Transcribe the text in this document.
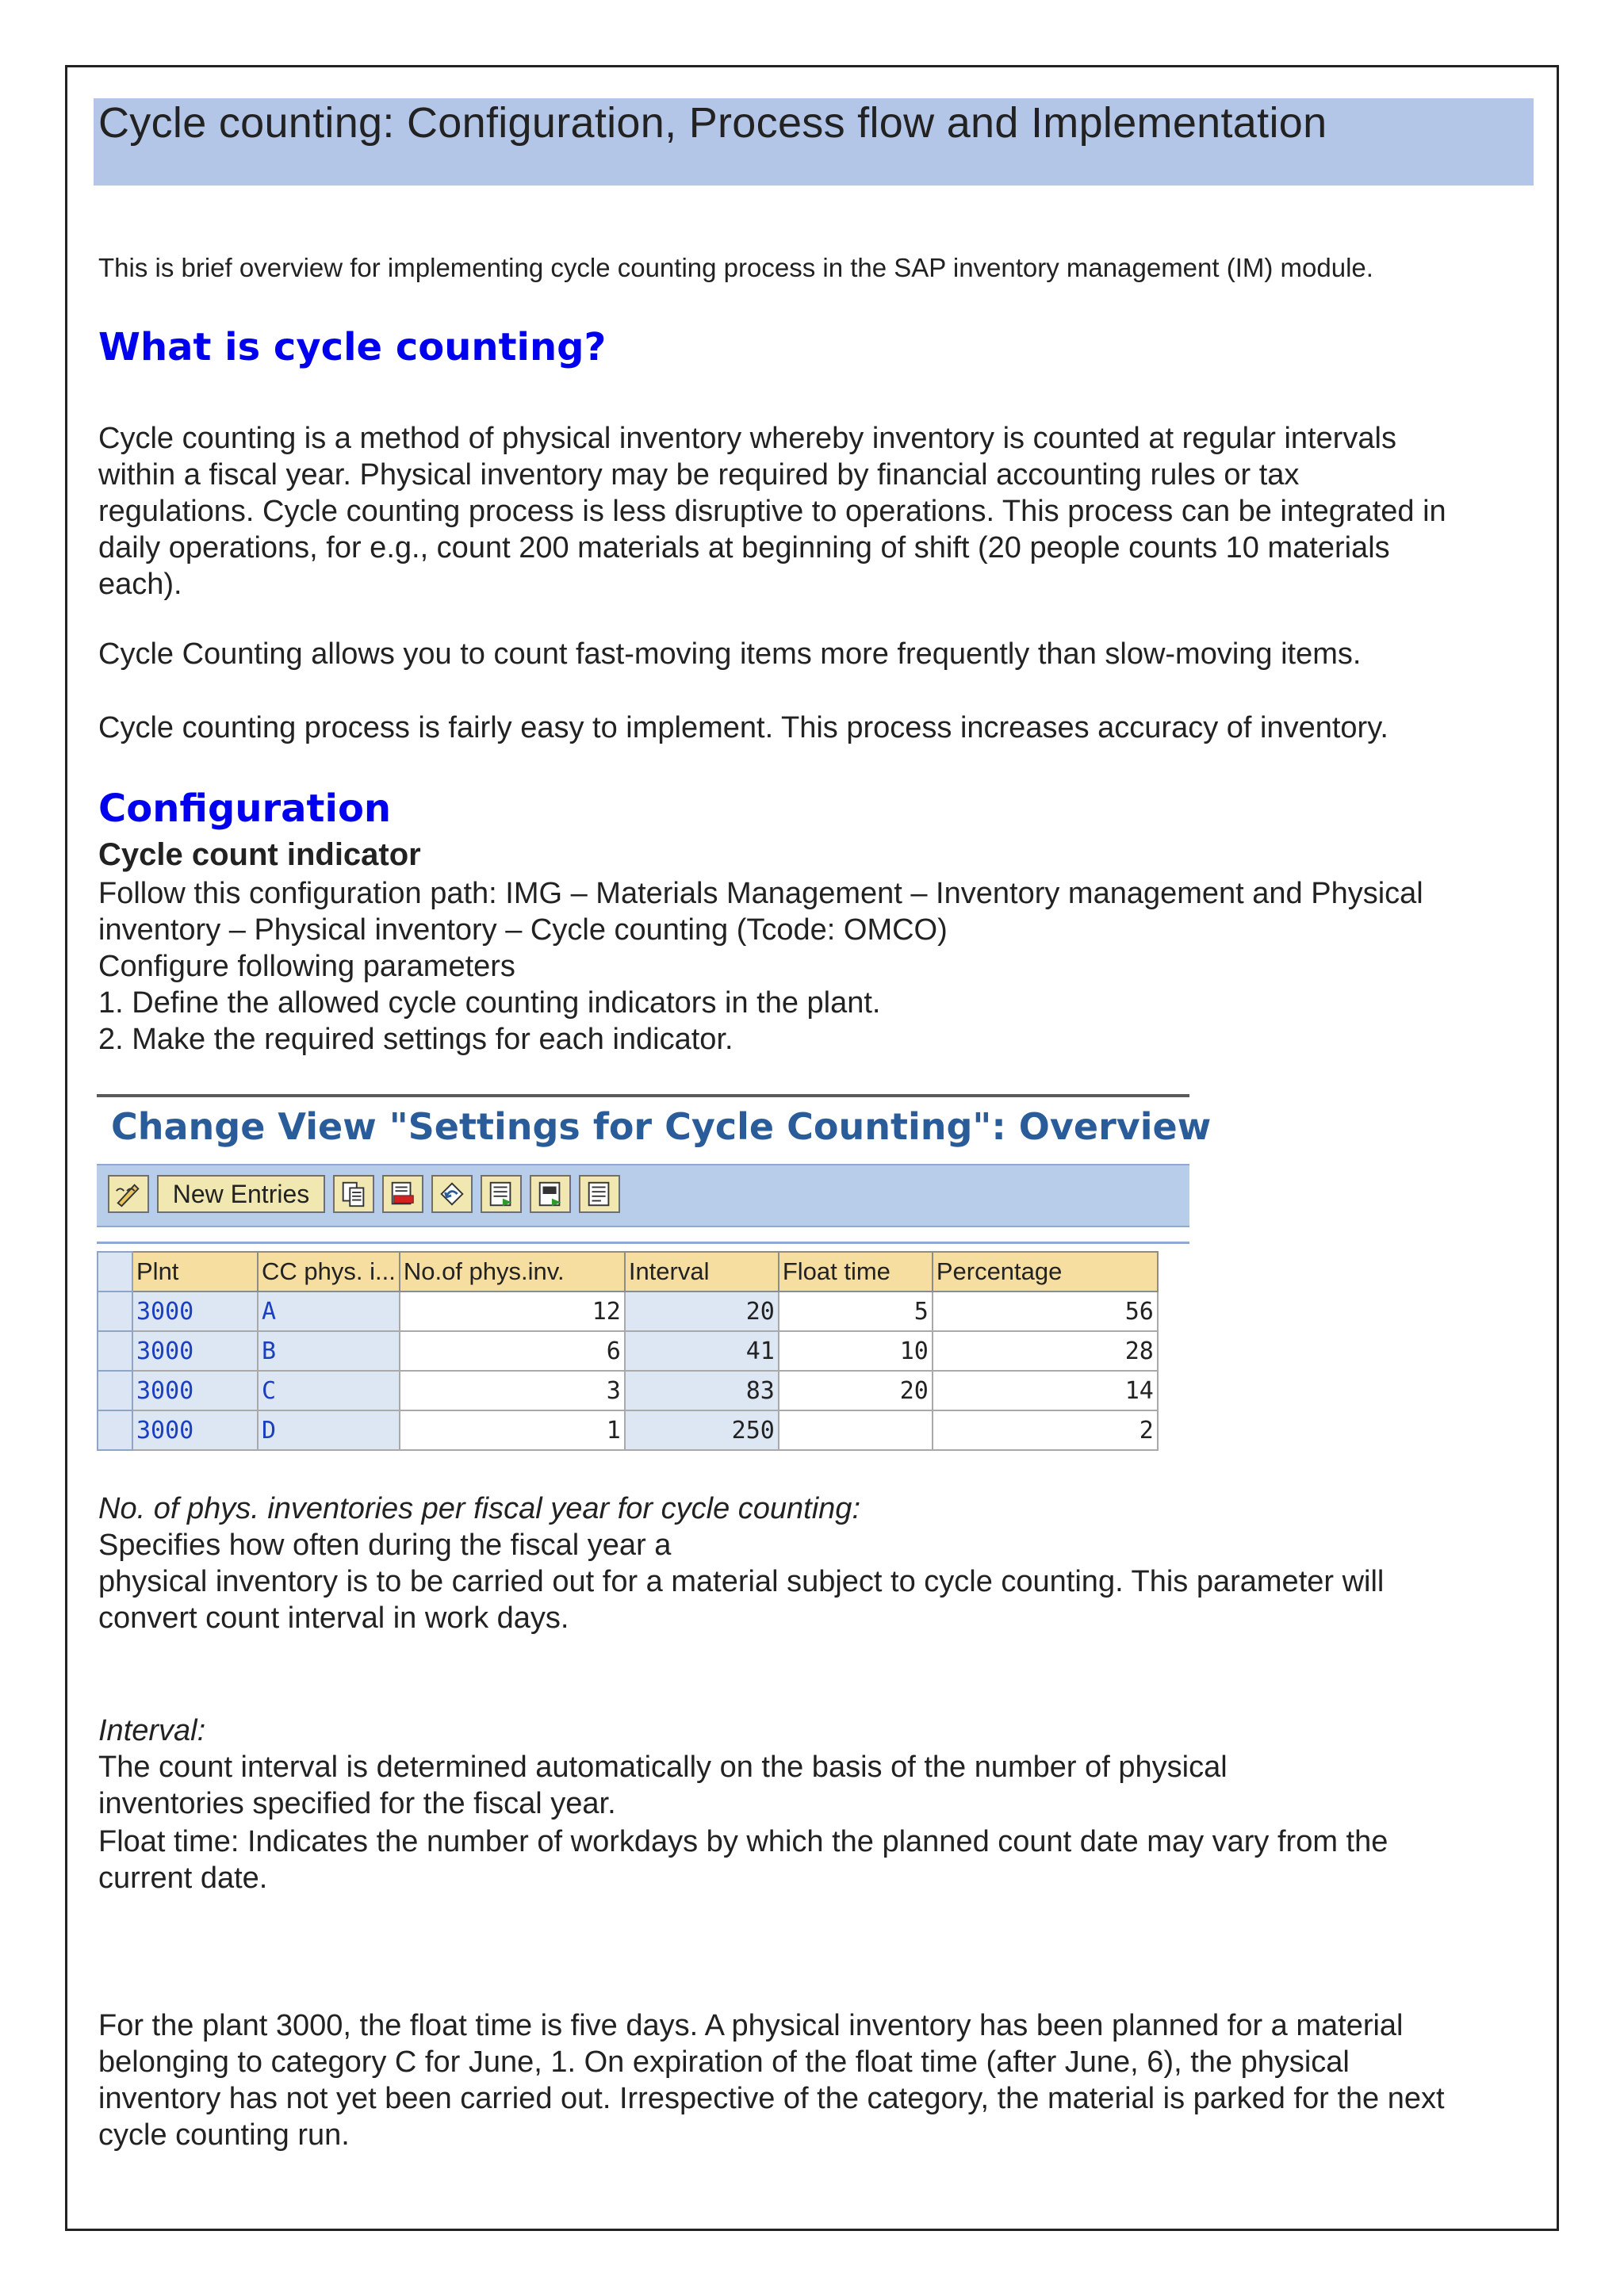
Cycle counting: Configuration, Process flow and Implementation

This is brief overview for implementing cycle counting process in the SAP inventory management (IM) module.

What is cycle counting?
Cycle counting is a method of physical inventory whereby inventory is counted at regular intervals
within a fiscal year. Physical inventory may be required by financial accounting rules or tax
regulations. Cycle counting process is less disruptive to operations. This process can be integrated in
daily operations, for e.g., count 200 materials at beginning of shift (20 people counts 10 materials
each).

Cycle Counting allows you to count fast-moving items more frequently than slow-moving items.

Cycle counting process is fairly easy to implement. This process increases accuracy of inventory.

Configuration
Cycle count indicator
Follow this configuration path: IMG – Materials Management – Inventory management and Physical
inventory – Physical inventory – Cycle counting (Tcode: OMCO)
Configure following parameters
1. Define the allowed cycle counting indicators in the plant.
2. Make the required settings for each indicator.
Change View "Settings for Cycle Counting": Overview
New Entries
	Plnt	CC phys. i...	No.of phys.inv.	Interval	Float time	Percentage
	3000	A	12	20	5	56
	3000	B	6	41	10	28
	3000	C	3	83	20	14
	3000	D	1	250		2
No. of phys. inventories per fiscal year for cycle counting:
Specifies how often during the fiscal year a
physical inventory is to be carried out for a material subject to cycle counting. This parameter will
convert count interval in work days.
Interval:
The count interval is determined automatically on the basis of the number of physical
inventories specified for the fiscal year.
Float time: Indicates the number of workdays by which the planned count date may vary from the
current date.
For the plant 3000, the float time is five days. A physical inventory has been planned for a material
belonging to category C for June, 1. On expiration of the float time (after June, 6), the physical
inventory has not yet been carried out. Irrespective of the category, the material is parked for the next
cycle counting run.
